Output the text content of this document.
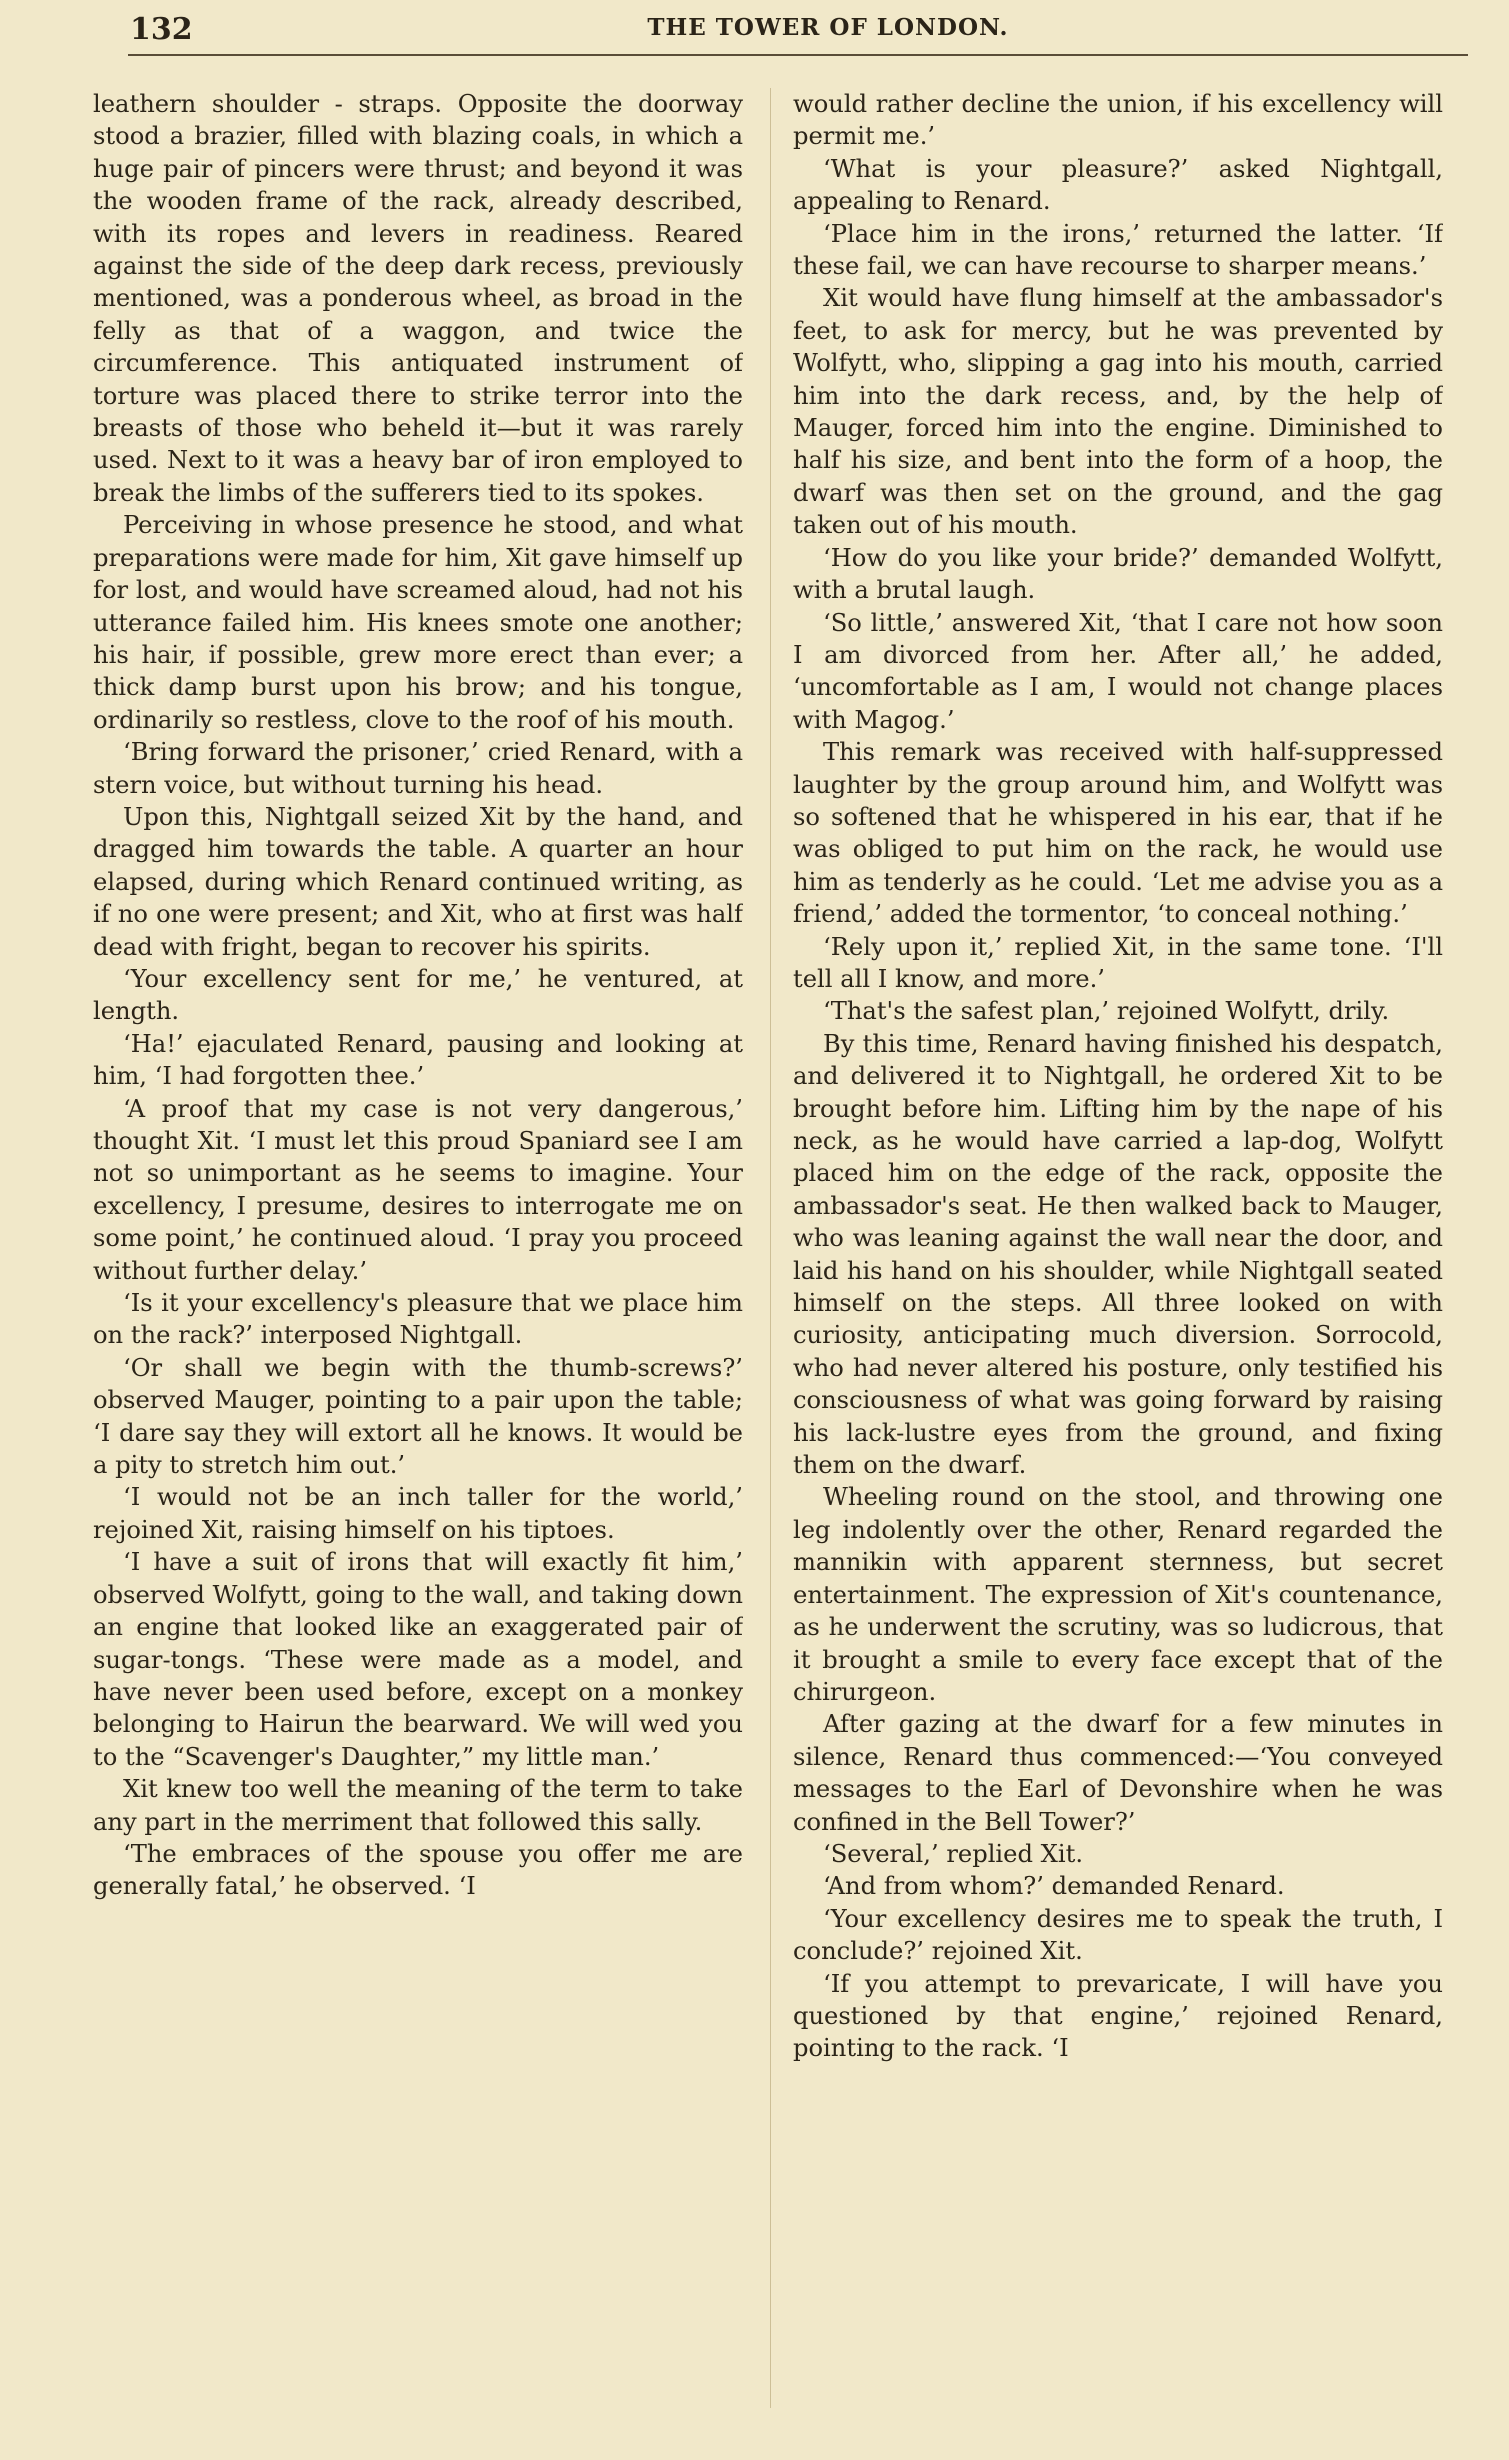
132	THE TOWER OF LONDON.

leathern shoulder - straps. Opposite the doorway stood a brazier, filled with blazing coals, in which a huge pair of pincers were thrust; and beyond it was the wooden frame of the rack, already described, with its ropes and levers in readiness. Reared against the side of the deep dark recess, previously mentioned, was a ponderous wheel, as broad in the felly as that of a waggon, and twice the circumference. This antiquated instrument of torture was placed there to strike terror into the breasts of those who beheld it—but it was rarely used. Next to it was a heavy bar of iron employed to break the limbs of the sufferers tied to its spokes.

Perceiving in whose presence he stood, and what preparations were made for him, Xit gave himself up for lost, and would have screamed aloud, had not his utterance failed him. His knees smote one another; his hair, if possible, grew more erect than ever; a thick damp burst upon his brow; and his tongue, ordinarily so restless, clove to the roof of his mouth.

‘Bring forward the prisoner,’ cried Renard, with a stern voice, but without turning his head.

Upon this, Nightgall seized Xit by the hand, and dragged him towards the table. A quarter an hour elapsed, during which Renard continued writing, as if no one were present; and Xit, who at first was half dead with fright, began to recover his spirits.

‘Your excellency sent for me,’ he ventured, at length.

‘Ha!’ ejaculated Renard, pausing and looking at him, ‘I had forgotten thee.’

‘A proof that my case is not very dangerous,’ thought Xit. ‘I must let this proud Spaniard see I am not so unimportant as he seems to imagine. Your excellency, I presume, desires to interrogate me on some point,’ he continued aloud. ‘I pray you proceed without further delay.’

‘Is it your excellency's pleasure that we place him on the rack?’ interposed Nightgall.

‘Or shall we begin with the thumb-screws?’ observed Mauger, pointing to a pair upon the table; ‘I dare say they will extort all he knows. It would be a pity to stretch him out.’

‘I would not be an inch taller for the world,’ rejoined Xit, raising himself on his tiptoes.

‘I have a suit of irons that will exactly fit him,’ observed Wolfytt, going to the wall, and taking down an engine that looked like an exaggerated pair of sugar-tongs. ‘These were made as a model, and have never been used before, except on a monkey belonging to Hairun the bearward. We will wed you to the “Scavenger's Daughter,” my little man.’

Xit knew too well the meaning of the term to take any part in the merriment that followed this sally.

‘The embraces of the spouse you offer me are generally fatal,’ he observed. ‘I

would rather decline the union, if his excellency will permit me.’

‘What is your pleasure?’ asked Nightgall, appealing to Renard.

‘Place him in the irons,’ returned the latter. ‘If these fail, we can have recourse to sharper means.’

Xit would have flung himself at the ambassador's feet, to ask for mercy, but he was prevented by Wolfytt, who, slipping a gag into his mouth, carried him into the dark recess, and, by the help of Mauger, forced him into the engine. Diminished to half his size, and bent into the form of a hoop, the dwarf was then set on the ground, and the gag taken out of his mouth.

‘How do you like your bride?’ demanded Wolfytt, with a brutal laugh.

‘So little,’ answered Xit, ‘that I care not how soon I am divorced from her. After all,’ he added, ‘uncomfortable as I am, I would not change places with Magog.’

This remark was received with half-suppressed laughter by the group around him, and Wolfytt was so softened that he whispered in his ear, that if he was obliged to put him on the rack, he would use him as tenderly as he could. ‘Let me advise you as a friend,’ added the tormentor, ‘to conceal nothing.’

‘Rely upon it,’ replied Xit, in the same tone. ‘I'll tell all I know, and more.’

‘That's the safest plan,’ rejoined Wolfytt, drily.

By this time, Renard having finished his despatch, and delivered it to Nightgall, he ordered Xit to be brought before him. Lifting him by the nape of his neck, as he would have carried a lap-dog, Wolfytt placed him on the edge of the rack, opposite the ambassador's seat. He then walked back to Mauger, who was leaning against the wall near the door, and laid his hand on his shoulder, while Nightgall seated himself on the steps. All three looked on with curiosity, anticipating much diversion. Sorrocold, who had never altered his posture, only testified his consciousness of what was going forward by raising his lack-lustre eyes from the ground, and fixing them on the dwarf.

Wheeling round on the stool, and throwing one leg indolently over the other, Renard regarded the mannikin with apparent sternness, but secret entertainment. The expression of Xit's countenance, as he underwent the scrutiny, was so ludicrous, that it brought a smile to every face except that of the chirurgeon.

After gazing at the dwarf for a few minutes in silence, Renard thus commenced:—‘You conveyed messages to the Earl of Devonshire when he was confined in the Bell Tower?’

‘Several,’ replied Xit.

‘And from whom?’ demanded Renard.

‘Your excellency desires me to speak the truth, I conclude?’ rejoined Xit.

‘If you attempt to prevaricate, I will have you questioned by that engine,’ rejoined Renard, pointing to the rack. ‘I
